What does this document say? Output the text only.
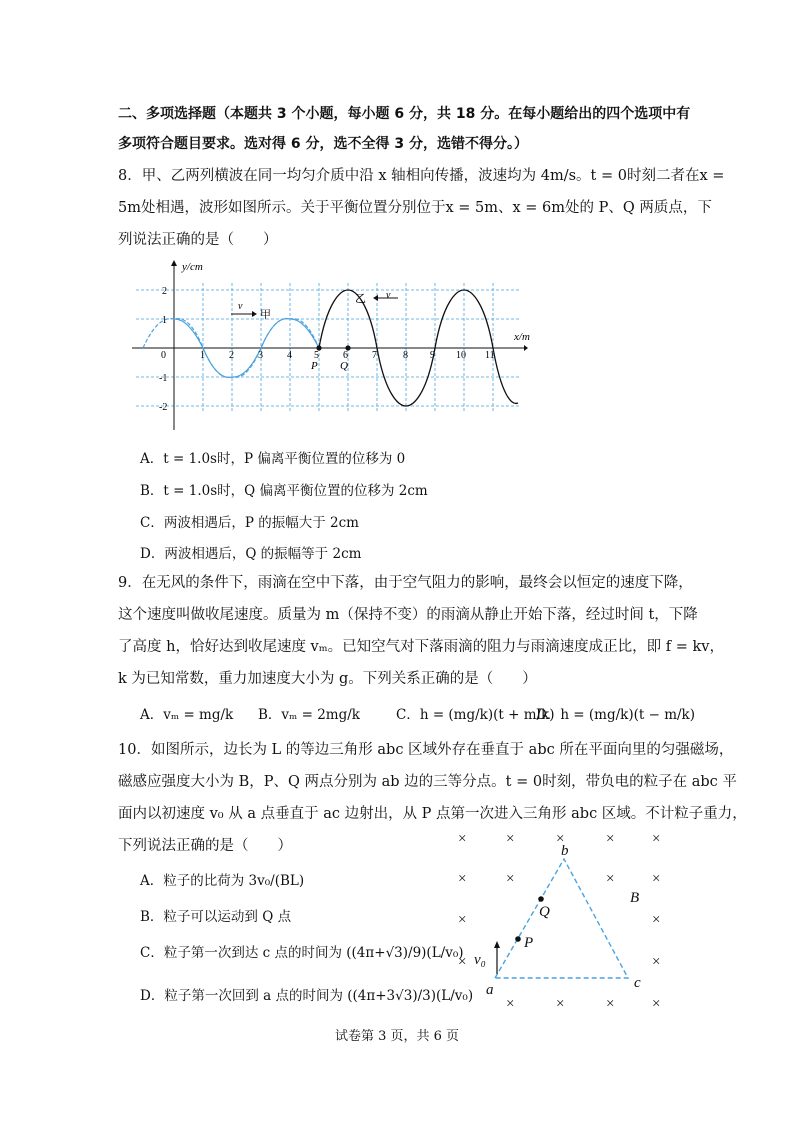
二、多项选择题（本题共 3 个小题，每小题 6 分，共 18 分。在每小题给出的四个选项中有
多项符合题目要求。选对得 6 分，选不全得 3 分，选错不得分。）
8．甲、乙两列横波在同一均匀介质中沿 x 轴相向传播，波速均为 4m/s。t = 0时刻二者在x =
5m处相遇，波形如图所示。关于平衡位置分别位于x = 5m、x = 6m处的 P、Q 两质点，下
列说法正确的是（　　）
y/cm
x/m
v
甲
乙 v
P Q
0	1 2 3 4 5 6 7	8 9 10 11
2
1
-1
-2
A．t = 1.0s时，P 偏离平衡位置的位移为 0
B．t = 1.0s时，Q 偏离平衡位置的位移为 2cm
C．两波相遇后，P 的振幅大于 2cm
D．两波相遇后，Q 的振幅等于 2cm
9．在无风的条件下，雨滴在空中下落，由于空气阻力的影响，最终会以恒定的速度下降，
这个速度叫做收尾速度。质量为 m（保持不变）的雨滴从静止开始下落，经过时间 t，下降
了高度 h，恰好达到收尾速度 vₘ。已知空气对下落雨滴的阻力与雨滴速度成正比，即 f = kv，
k 为已知常数，重力加速度大小为 g。下列关系正确的是（　　）
A．vₘ = mg/k B．vₘ = 2mg/k	C．h = (mg/k)(t + m/k)
D．h = (mg/k)(t − m/k)
10．如图所示，边长为 L 的等边三角形 abc 区域外存在垂直于 abc 所在平面向里的匀强磁场，
磁感应强度大小为 B，P、Q 两点分别为 ab 边的三等分点。t = 0时刻，带负电的粒子在 abc 平
面内以初速度 v₀ 从 a 点垂直于 ac 边射出，从 P 点第一次进入三角形 abc 区域。不计粒子重力，
下列说法正确的是（　　）
A．粒子的比荷为 3v₀/(BL)
B．粒子可以运动到 Q 点
C．粒子第一次到达 c 点的时间为 ((4π+√3)/9)(L/v₀)
D．粒子第一次回到 a 点的时间为 ((4π+3√3)/3)(L/v₀)
×	×	×	×	×
×	×	×	×
×	×
×	×
×	×	×	×
b
a	c
P
Q
B
v₀
试卷第 3 页，共 6 页
